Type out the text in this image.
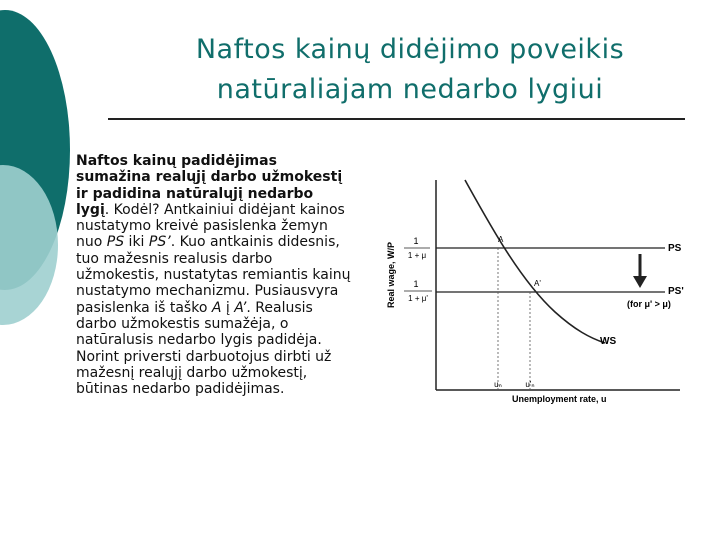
Naftos kainų didėjimo poveikis
natūraliajam nedarbo lygiui
Naftos kainų padidėjimas sumažina realųjį darbo užmokestį ir padidina natūralųjį nedarbo lygį. Kodėl? Antkainiui didėjant kainos nustatymo kreivė pasislenka žemyn nuo PS iki PS’. Kuo antkainis didesnis, tuo mažesnis realusis darbo užmokestis, nustatytas remiantis kainų nustatymo mechanizmu. Pusiausvyra pasislenka iš taško A į A’. Realusis darbo užmokestis sumažėja, o natūralusis nedarbo lygis padidėja. Norint priversti darbuotojus dirbti už mažesnį realųjį darbo užmokestį, būtinas nedarbo padidėjimas.
Real wage, W/P
1
1 + μ
1
1 + μ'
PS
PS'
(for μ' > μ)
WS
A
A'
uₙ	u'ₙ
Unemployment rate, u
